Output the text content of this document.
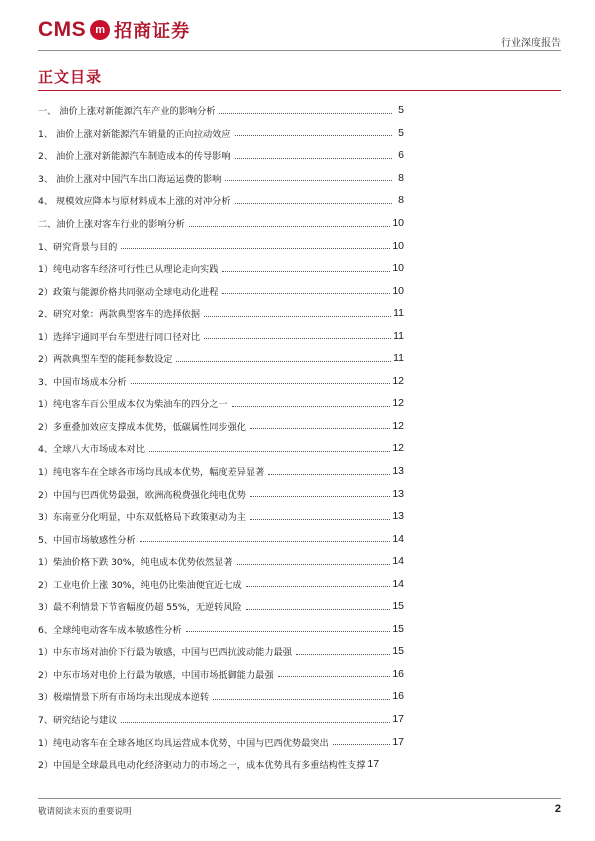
CMS m 招商证券
行业深度报告
正文目录
一、 油价上涨对新能源汽车产业的影响分析	5
1、 油价上涨对新能源汽车销量的正向拉动效应	5
2、 油价上涨对新能源汽车制造成本的传导影响	6
3、 油价上涨对中国汽车出口海运运费的影响	8
4、 规模效应降本与原材料成本上涨的对冲分析	8
二、油价上涨对客车行业的影响分析	10
1、研究背景与目的	10
1）纯电动客车经济可行性已从理论走向实践	10
2）政策与能源价格共同驱动全球电动化进程	10
2、研究对象：两款典型客车的选择依据	11
1）选择宇通同平台车型进行同口径对比	11
2）两款典型车型的能耗参数设定	11
3、中国市场成本分析	12
1）纯电客车百公里成本仅为柴油车的四分之一	12
2）多重叠加效应支撑成本优势，低碳属性同步强化	12
4、全球八大市场成本对比	12
1）纯电客车在全球各市场均具成本优势，幅度差异显著	13
2）中国与巴西优势最强，欧洲高税费强化纯电优势	13
3）东南亚分化明显，中东双低格局下政策驱动为主	13
5、中国市场敏感性分析	14
1）柴油价格下跌 30%，纯电成本优势依然显著	14
2）工业电价上涨 30%，纯电仍比柴油便宜近七成	14
3）最不利情景下节省幅度仍超 55%，无逆转风险	15
6、全球纯电动客车成本敏感性分析	15
1）中东市场对油价下行最为敏感，中国与巴西抗波动能力最强	15
2）中东市场对电价上行最为敏感，中国市场抵御能力最强	16
3）极端情景下所有市场均未出现成本逆转	16
7、研究结论与建议	17
1）纯电动客车在全球各地区均具运营成本优势，中国与巴西优势最突出	17
2）中国是全球最具电动化经济驱动力的市场之一，成本优势具有多重结构性支撑 17
敬请阅读末页的重要说明	2
